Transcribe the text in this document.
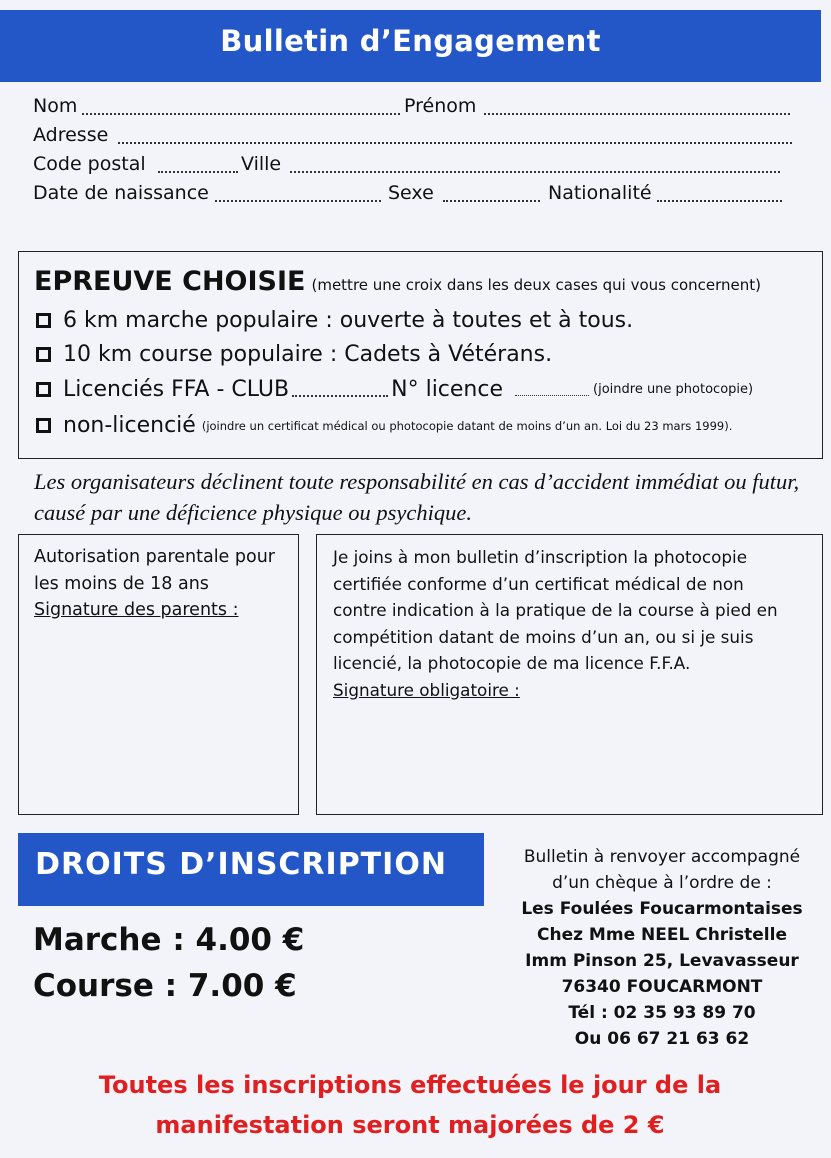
Bulletin d’Engagement
Nom	Prénom
Adresse
Code postal	Ville
Date de naissance	Sexe	Nationalité
EPREUVE CHOISIE (mettre une croix dans les deux cases qui vous concernent)
6 km marche populaire : ouverte à toutes et à tous.
10 km course populaire : Cadets à Vétérans.
Licenciés FFA - CLUB	N° licence	(joindre une photocopie)
non-licencié (joindre un certificat médical ou photocopie datant de moins d’un an. Loi du 23 mars 1999).
Les organisateurs déclinent toute responsabilité en cas d’accident immédiat ou futur, causé par une déficience physique ou psychique.
Autorisation parentale pour
les moins de 18 ans
Signature des parents :
Je joins à mon bulletin d’inscription la photocopie
certifiée conforme d’un certificat médical de non
contre indication à la pratique de la course à pied en
compétition datant de moins d’un an, ou si je suis
licencié, la photocopie de ma licence F.F.A.
Signature obligatoire :
DROITS D’INSCRIPTION
Marche : 4.00 €
Course : 7.00 €
Bulletin à renvoyer accompagné
d’un chèque à l’ordre de :
Les Foulées Foucarmontaises
Chez Mme NEEL Christelle
Imm Pinson 25, Levavasseur
76340 FOUCARMONT
Tél : 02 35 93 89 70
Ou 06 67 21 63 62
Toutes les inscriptions effectuées le jour de la
manifestation seront majorées de 2 €
